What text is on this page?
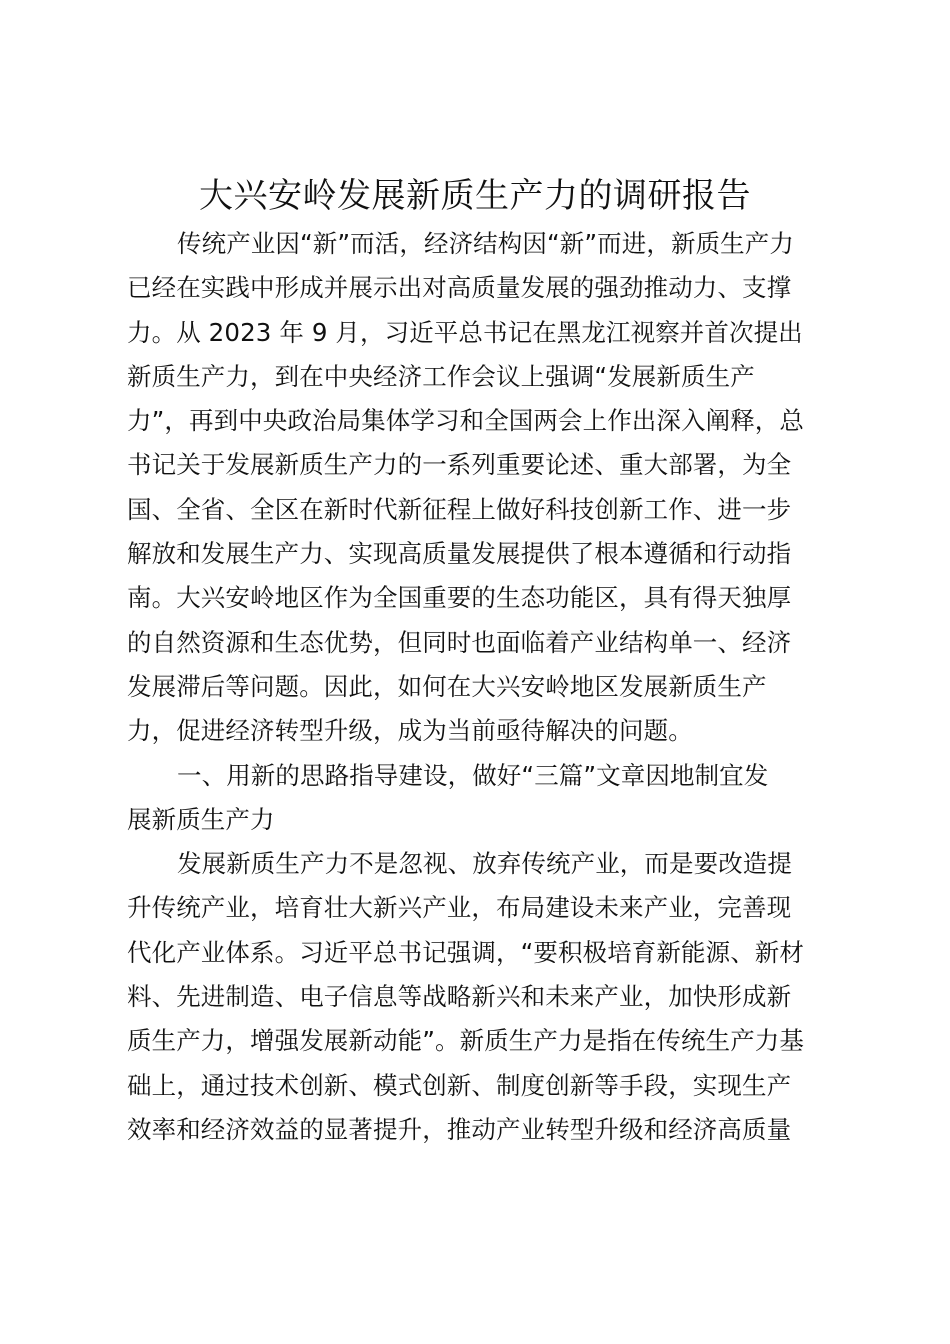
大兴安岭发展新质生产力的调研报告
传统产业因“新”而活，经济结构因“新”而进，新质生产力
已经在实践中形成并展示出对高质量发展的强劲推动力、支撑
力。从 2023 年 9 月，习近平总书记在黑龙江视察并首次提出
新质生产力，到在中央经济工作会议上强调“发展新质生产
力”，再到中央政治局集体学习和全国两会上作出深入阐释，总
书记关于发展新质生产力的一系列重要论述、重大部署，为全
国、全省、全区在新时代新征程上做好科技创新工作、进一步
解放和发展生产力、实现高质量发展提供了根本遵循和行动指
南。大兴安岭地区作为全国重要的生态功能区，具有得天独厚
的自然资源和生态优势，但同时也面临着产业结构单一、经济
发展滞后等问题。因此，如何在大兴安岭地区发展新质生产
力，促进经济转型升级，成为当前亟待解决的问题。
一、用新的思路指导建设，做好“三篇”文章因地制宜发
展新质生产力
发展新质生产力不是忽视、放弃传统产业，而是要改造提
升传统产业，培育壮大新兴产业，布局建设未来产业，完善现
代化产业体系。习近平总书记强调，“要积极培育新能源、新材
料、先进制造、电子信息等战略新兴和未来产业，加快形成新
质生产力，增强发展新动能”。新质生产力是指在传统生产力基
础上，通过技术创新、模式创新、制度创新等手段，实现生产
效率和经济效益的显著提升，推动产业转型升级和经济高质量
